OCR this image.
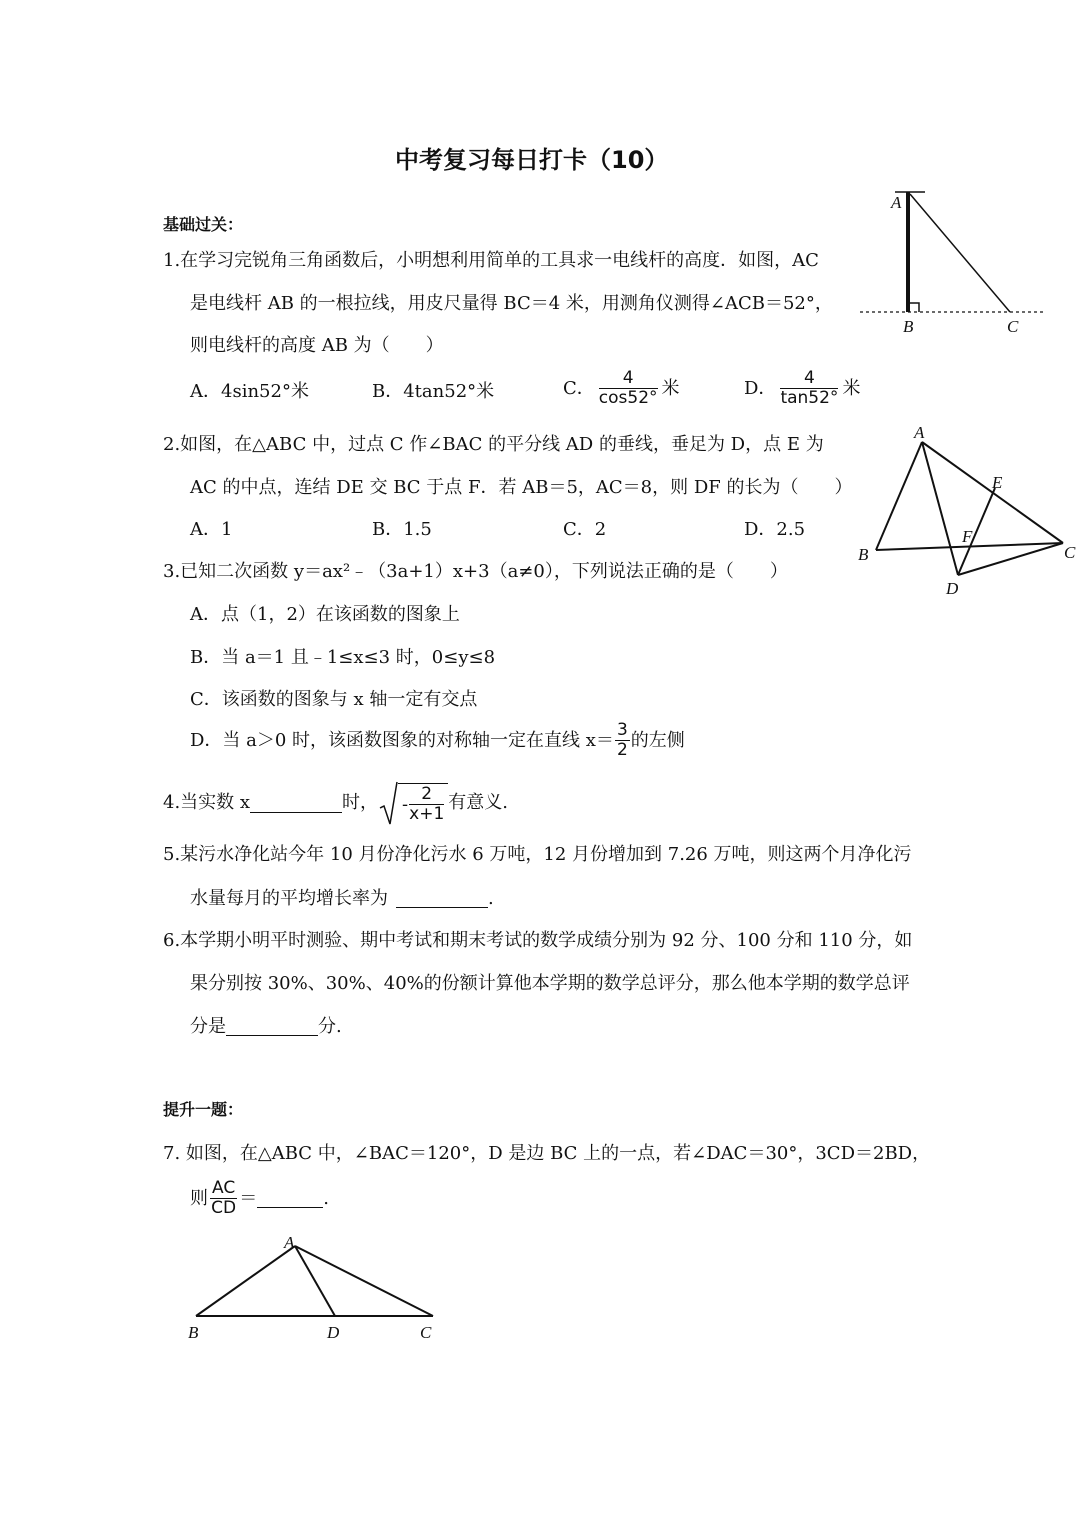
中考复习每日打卡（10）
基础过关：
1.在学习完锐角三角函数后，小明想利用简单的工具求一电线杆的高度．如图，AC
是电线杆 AB 的一根拉线，用皮尺量得 BC＝4 米，用测角仪测得∠ACB＝52°，
则电线杆的高度 AB 为（　　）
A．4sin52°米	B．4tan52°米	C． $\frac{4}{\cos 52^\circ}$ 米	D． $\frac{4}{\tan 52^\circ}$ 米
A
B	C
2.如图，在△ABC 中，过点 C 作∠BAC 的平分线 AD 的垂线，垂足为 D，点 E 为
AC 的中点，连结 DE 交 BC 于点 F．若 AB＝5，AC＝8，则 DF 的长为（　　）
A．1	B．1.5	C．2	D．2.5
A
B	C
D
E
F
3.已知二次函数 y＝ax²﹣（3a+1）x+3（a≠0），下列说法正确的是（　　）
A．点（1，2）在该函数的图象上
B．当 a＝1 且﹣1≤x≤3 时，0≤y≤8
C．该函数的图象与 x 轴一定有交点
D．当 a＞0 时，该函数图象的对称轴一定在直线 $x= \frac{3}{2}$ 的左侧
4.当实数 x	时， - $\frac{2}{x+1}$ 有意义.
5.某污水净化站今年 10 月份净化污水 6 万吨，12 月份增加到 7.26 万吨，则这两个月净化污
水量每月的平均增长率为	.
6.本学期小明平时测验、期中考试和期末考试的数学成绩分别为 92 分、100 分和 110 分，如
果分别按 30%、30%、40%的份额计算他本学期的数学总评分，那么他本学期的数学总评
分是	分.
提升一题：
7. 如图，在△ABC 中，∠BAC＝120°，D 是边 BC 上的一点，若∠DAC＝30°，3CD＝2BD，
则 $\frac{AC}{CD}$ ＝	.
A
B	D	C
